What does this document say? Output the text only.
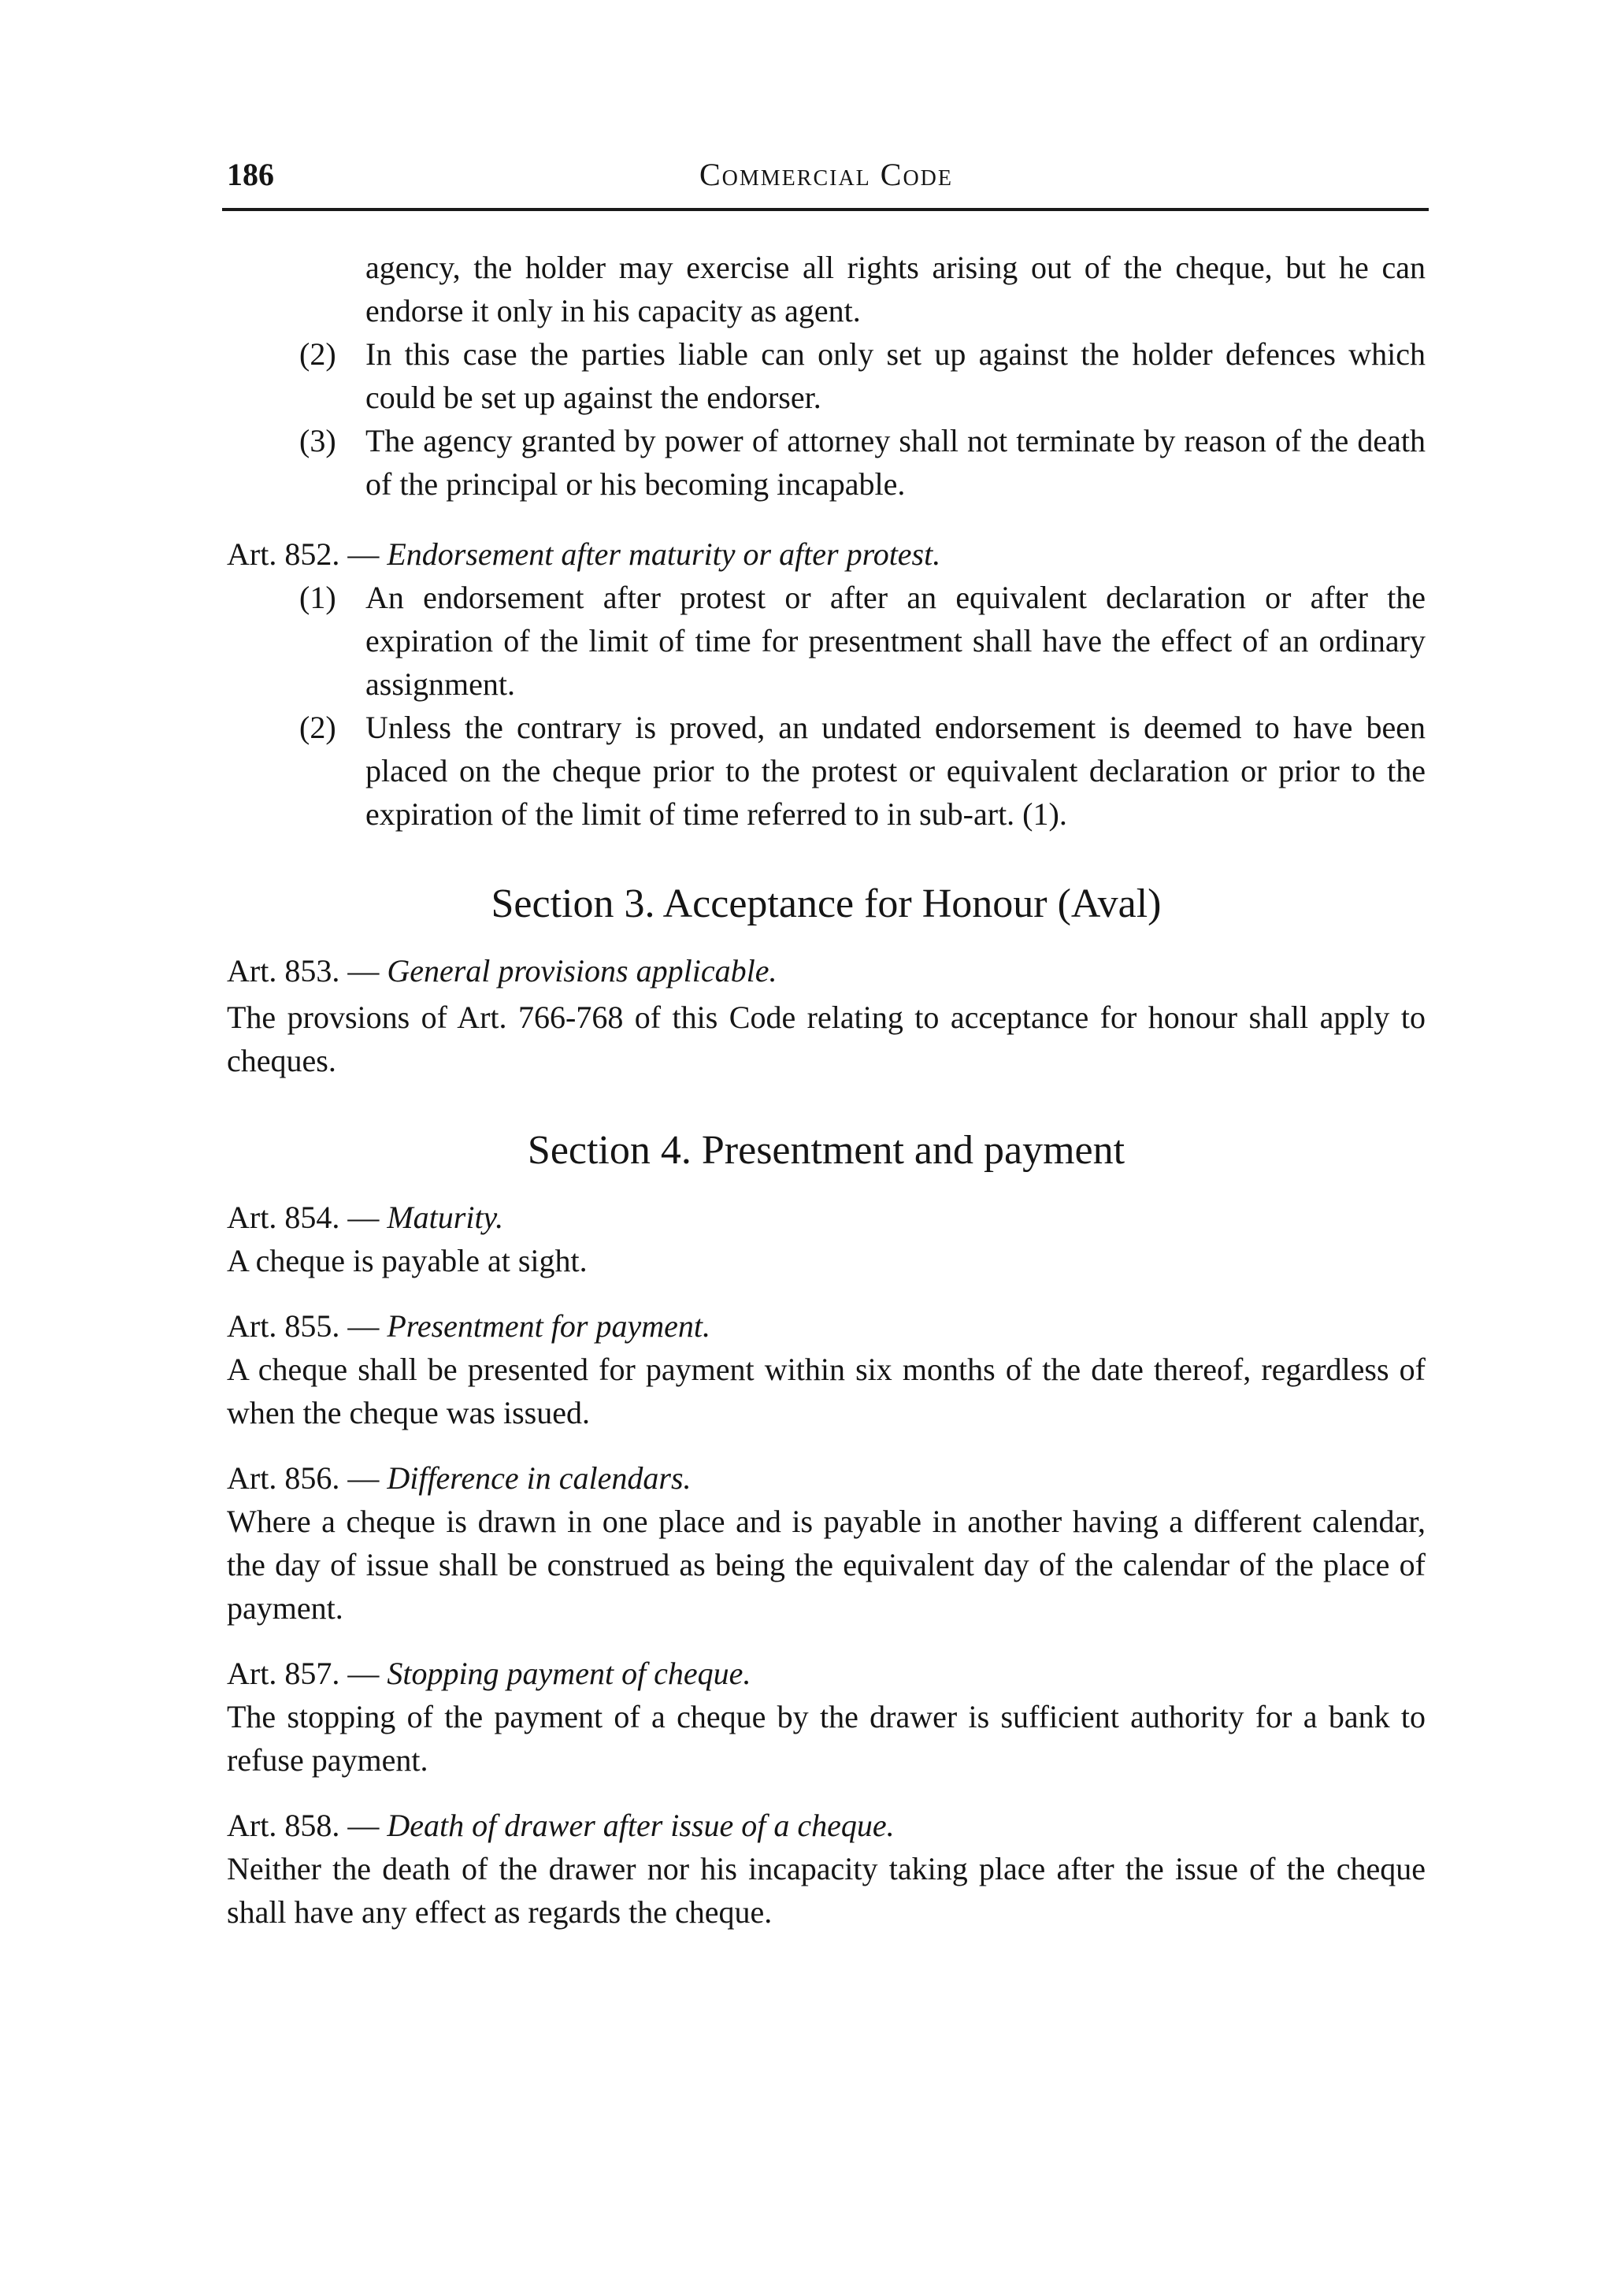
186	Commercial Code
agency, the holder may exercise all rights arising out of the cheque, but he can endorse it only in his capacity as agent.
(2) In this case the parties liable can only set up against the holder defences which could be set up against the endorser.
(3) The agency granted by power of attorney shall not terminate by reason of the death of the principal or his becoming incapable.
Art. 852. — Endorsement after maturity or after protest.
(1) An endorsement after protest or after an equivalent declaration or after the expiration of the limit of time for presentment shall have the effect of an ordinary assignment.
(2) Unless the contrary is proved, an undated endorsement is deemed to have been placed on the cheque prior to the protest or equivalent declaration or prior to the expiration of the limit of time referred to in sub-art. (1).
Section 3. Acceptance for Honour (Aval)
Art. 853. — General provisions applicable.
The provsions of Art. 766-768 of this Code relating to acceptance for honour shall apply to cheques.
Section 4. Presentment and payment
Art. 854. — Maturity.
A cheque is payable at sight.
Art. 855. — Presentment for payment.
A cheque shall be presented for payment within six months of the date thereof, regardless of when the cheque was issued.
Art. 856. — Difference in calendars.
Where a cheque is drawn in one place and is payable in another having a different calendar, the day of issue shall be construed as being the equivalent day of the calendar of the place of payment.
Art. 857. — Stopping payment of cheque.
The stopping of the payment of a cheque by the drawer is sufficient authority for a bank to refuse payment.
Art. 858. — Death of drawer after issue of a cheque.
Neither the death of the drawer nor his incapacity taking place after the issue of the cheque shall have any effect as regards the cheque.
